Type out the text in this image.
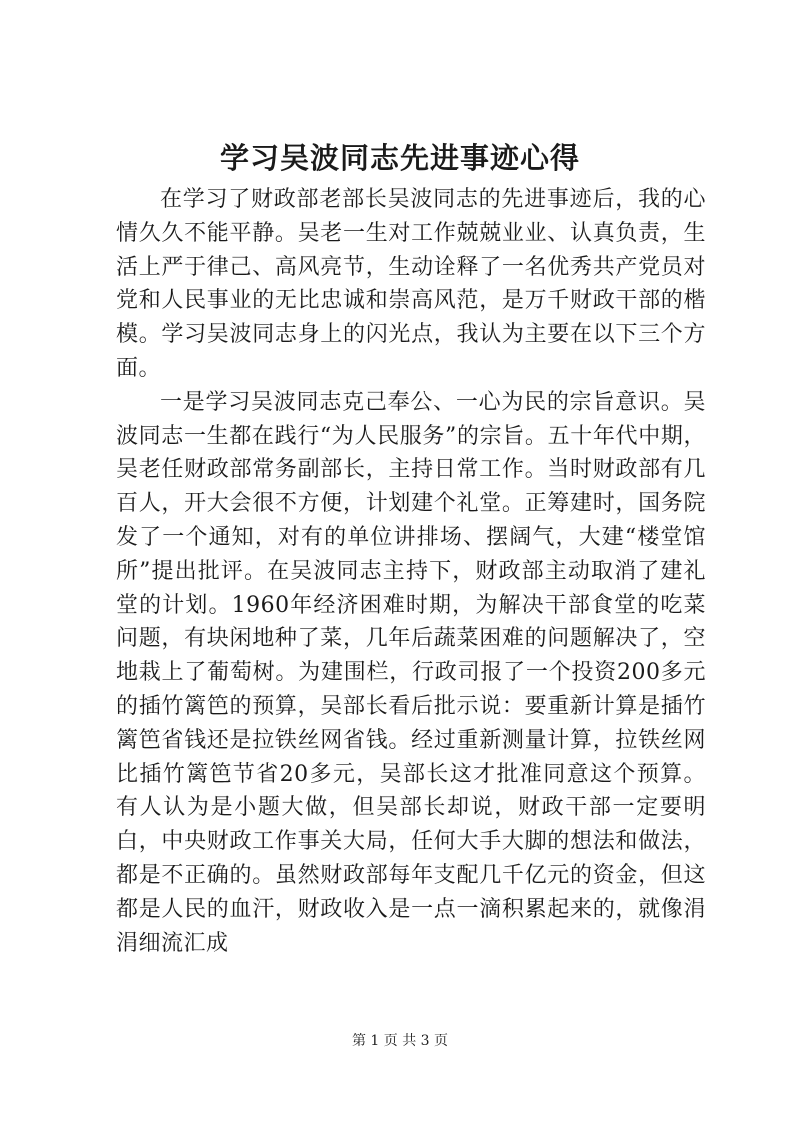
学习吴波同志先进事迹心得

在学习了财政部老部长吴波同志的先进事迹后，我的心情久久不能平静。吴老一生对工作兢兢业业、认真负责，生活上严于律己、高风亮节，生动诠释了一名优秀共产党员对党和人民事业的无比忠诚和崇高风范，是万千财政干部的楷模。学习吴波同志身上的闪光点，我认为主要在以下三个方面。

一是学习吴波同志克己奉公、一心为民的宗旨意识。吴波同志一生都在践行“为人民服务”的宗旨。五十年代中期，吴老任财政部常务副部长，主持日常工作。当时财政部有几百人，开大会很不方便，计划建个礼堂。正筹建时，国务院发了一个通知，对有的单位讲排场、摆阔气，大建“楼堂馆所”提出批评。在吴波同志主持下，财政部主动取消了建礼堂的计划。1960年经济困难时期，为解决干部食堂的吃菜问题，有块闲地种了菜，几年后蔬菜困难的问题解决了，空地栽上了葡萄树。为建围栏，行政司报了一个投资200多元的插竹篱笆的预算，吴部长看后批示说：要重新计算是插竹篱笆省钱还是拉铁丝网省钱。经过重新测量计算，拉铁丝网比插竹篱笆节省20多元，吴部长这才批准同意这个预算。有人认为是小题大做，但吴部长却说，财政干部一定要明白，中央财政工作事关大局，任何大手大脚的想法和做法，都是不正确的。虽然财政部每年支配几千亿元的资金，但这都是人民的血汗，财政收入是一点一滴积累起来的，就像涓涓细流汇成

第 1 页 共 3 页
